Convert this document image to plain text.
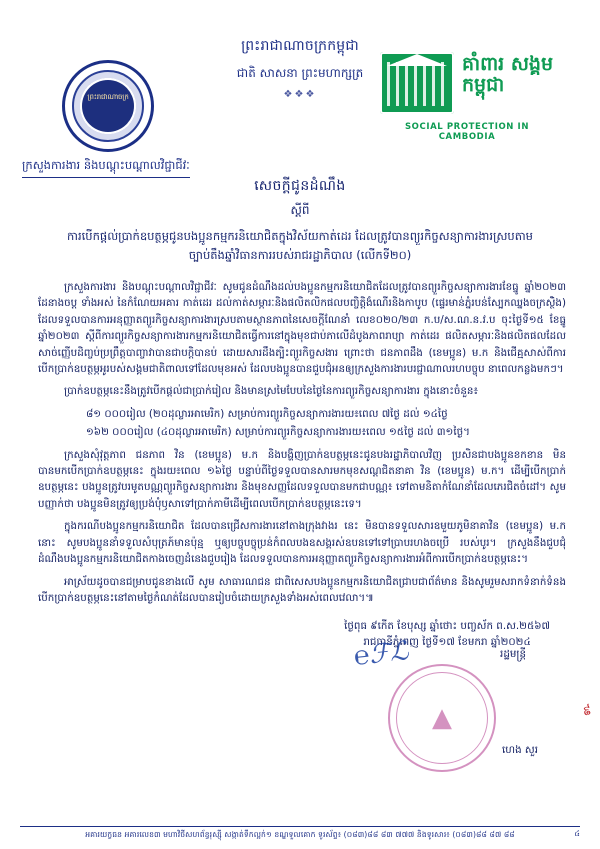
ព្រះរាជាណាចក្រ
ព្រះរាជាណាចក្រកម្ពុជា
ជាតិ សាសនា ព្រះមហាក្សត្រ
❖❖❖
គាំពារ សង្គម កម្ពុជា
SOCIAL PROTECTION IN CAMBODIA
ក្រសួងការងារ និងបណ្តុះបណ្តាលវិជ្ជាជីវៈ
សេចក្តីជូនដំណឹង
ស្តីពី
ការបើកផ្តល់ប្រាក់ឧបត្ថម្ភជូនបងប្អូនកម្មករនិយោជិតក្នុងវិស័យកាត់ដេរ ដែលត្រូវបានព្យួរកិច្ចសន្យាការងារស្របតាមច្បាប់តឹងឆ្នាំវិធានការរបស់រាជរដ្ឋាភិបាល (លើកទី២០)

ក្រសួងការងារ និងបណ្តុះបណ្តាលវិជ្ជាជីវៈ សូមជូនដំណឹងដល់បងប្អូនកម្មករនិយោជិតដែលត្រូវបានព្យួរកិច្ចសន្យាការងារខែធ្នូ ឆ្នាំ២០២៣ ដែនាងចប្ត ទាំងអស់ នៃកំណែយអគារ កាត់ដេរ ដល់កាត់សម្ភារៈនិងផលិតលិកផលបញ្ចិត្តិងំណើរនិងកាបូប (ផ្ទេរមាន់ភ្នំរបន់ស្បែកឈ្នងចក្រស្ថិ់ង) ដែលទទួលបានការអនុញ្ញាតព្យួរកិច្ចសន្យាការងារស្របតាមស្ថានភាពនៃសេចក្តីណែនាំ លេខ០២០/២៣ ក.ប/ស.ណ.ន.វ.ប ចុះថ្ងៃទី១៥ ខែធ្នូ ឆ្នាំ២០២៣ ស្តីពីការព្យួរកិច្ចសន្យាការងារកម្មករនិយោជិតធ្វើការនៅក្នុងមុខជាប់ភាលើដំបូងភាពរាប្យា កាត់ដេរ ផលិតសម្ភារៈនិងផលិតផលដែលសាច់ញ្ញើបដិញ្ចប់ប្រព្រឹត្តបាញ្ចាវាបានជាបក្តិបានប់ ដោយសារដឹងត្បិះព្យួរកិច្ចសងារ ព្រោះថា ជនភាពដឹង (ខេមប្អូន) ម.ក និងជើគ្មសាស់ពីការបើកប្រាក់ឧបត្ថម្ភអូរបស់សង្គមជាតិពាលទៅដែលមុខអស់ ដែលបងប្អូនបានជួបជុំអនឲ្យក្រសួងការងារបរជ្ជាណាលរហបច្ចុប នាពេលកន្លងមកៗ។

ប្រាក់ឧបត្ថម្ភនេះនឹងត្រូវបើកផ្តល់ជាប្រាក់រៀល និងមានស្រមៃបែបនៃថ្ងៃនៃការព្យួរកិច្ចសន្យាការងារ ក្នុងនោះចំនួន៖

៨១ ០០០រៀល (២០ដុល្លារអាមេរិក) សម្រាប់ការព្យួរកិច្ចសន្យាការងារយ៖ពេល ៧ថ្ងៃ ដល់ ១៤ថ្ងៃ
១៦២ ០០០រៀល (៤០ដុល្លារអាមេរិក) សម្រាប់ការព្យួរកិច្ចសន្យាការងារយ៖ពេល ១៥ថ្ងៃ ដល់ ៣១ថ្ងៃ។

ក្រសួងសុំវុត្តភាព ជនភាព វិន (ខេមប្អូន) ម.ក និងបង្ហិញប្រាក់ឧបត្ថម្ភនេះជូនបងរដ្ឋាភិបាលវិញ ប្រសិនជាបងប្អូនខកខាន មិនបានមកបើកប្រាក់ឧបត្ថម្ភនេះ ក្នុងរយ៖ពេល ១៦ថ្ងៃ បន្ទាប់ពីថ្ងៃទទួលបានសារមកមុខសណ្តជិតនាគា វិន (ខេមប្អូន) ម.ក។ ដើម្បីបើកប្រាក់ឧបត្ថម្ភនេះ បងប្អូនត្រូវបរមូតបណ្ណព្យួរកិច្ចសន្យាការងារ និងមុខសញ្ញដែលទទួលបានមកជាបណ្ណ៖ ទៅតាមនិតាកំណែនាំដែលភេរជិតចំដៅ។ សូមបញ្ញាក់ថា បងប្អូនមិនត្រូវឲ្យប្រង់បុំឫសាទៅប្រាក់ភាមីដើម្បីពេលបើកប្រាក់ឧបត្ថម្ភនេះទេ។

ក្នុងករណីបងប្អូនកម្មករនិយោជិត ដែលបានជ្រើសការងារនៅតាងក្រុងវាងរ នេះ មិនបានទទួលសារឧមួយភូមិនាគាវិន (ខេមប្អូន) ម.ក នោះ សូមបងប្អូននាំទទួលសំបុត្រភ៍មានប៉ុន្ម ឬឲ្យបច្ចុបច្ចុប្រន់កំពលបងឧសង្គរស់ឧបនទៅទៅប្រាបរហងចប្រើ របស់បូរ។ ក្រសួងនឹងជួបជុំដំណឹងបងប្អូនកម្មករនិយោជិតកាងចេញដំនេងជួបរៀង ដែលទទួលបានការអនុញ្ញាតព្យួរកិច្ចសន្យាការងារអំពីការបើកប្រាក់ឧបត្ថម្ភនេះ។

អាស្រ័យដូចបានជម្រាបជូនខាងលើ សូម សាធារណជន ជាពិសេសបងប្អូនកម្មករនិយោជិតជ្រាបជាព័ត៌មាន និងសូមរួមសរាកទំនាក់ទំនងបើកប្រាក់ឧបត្ថម្ភនេះនៅតាមថ្ងៃកំណត់ដែលបានរៀបចំដោយក្រសួងទាំងអស់ពេលវេលា។៕

ថ្ងៃពុធ ៩កើត ខែបុស្ស ឆ្នាំថោះ បញ្ចស័ក ព.ស.២៥៦៧
រាជធានីភ្នំពេញ ថ្ងៃទី១៧ ខែមករា ឆ្នាំ២០២៤
រដ្ឋមន្ត្រី
℮ℱℒ
▲
ហេង សួរ
៩
អគារយក្ខធន អគារលេខ៣ មហាវិថីសហព័ន្ធរុស្ស៊ី សង្កាត់ទឹកល្អក់១ ខណ្ឌទួលគោក ទូរស័ព្ទ៖ (០៨៣)៨៨ ៨៣ ៧៧៧ និងទូរសារ៖ (០៨៣)៨៨ ៨៧ ៨៨	៤
